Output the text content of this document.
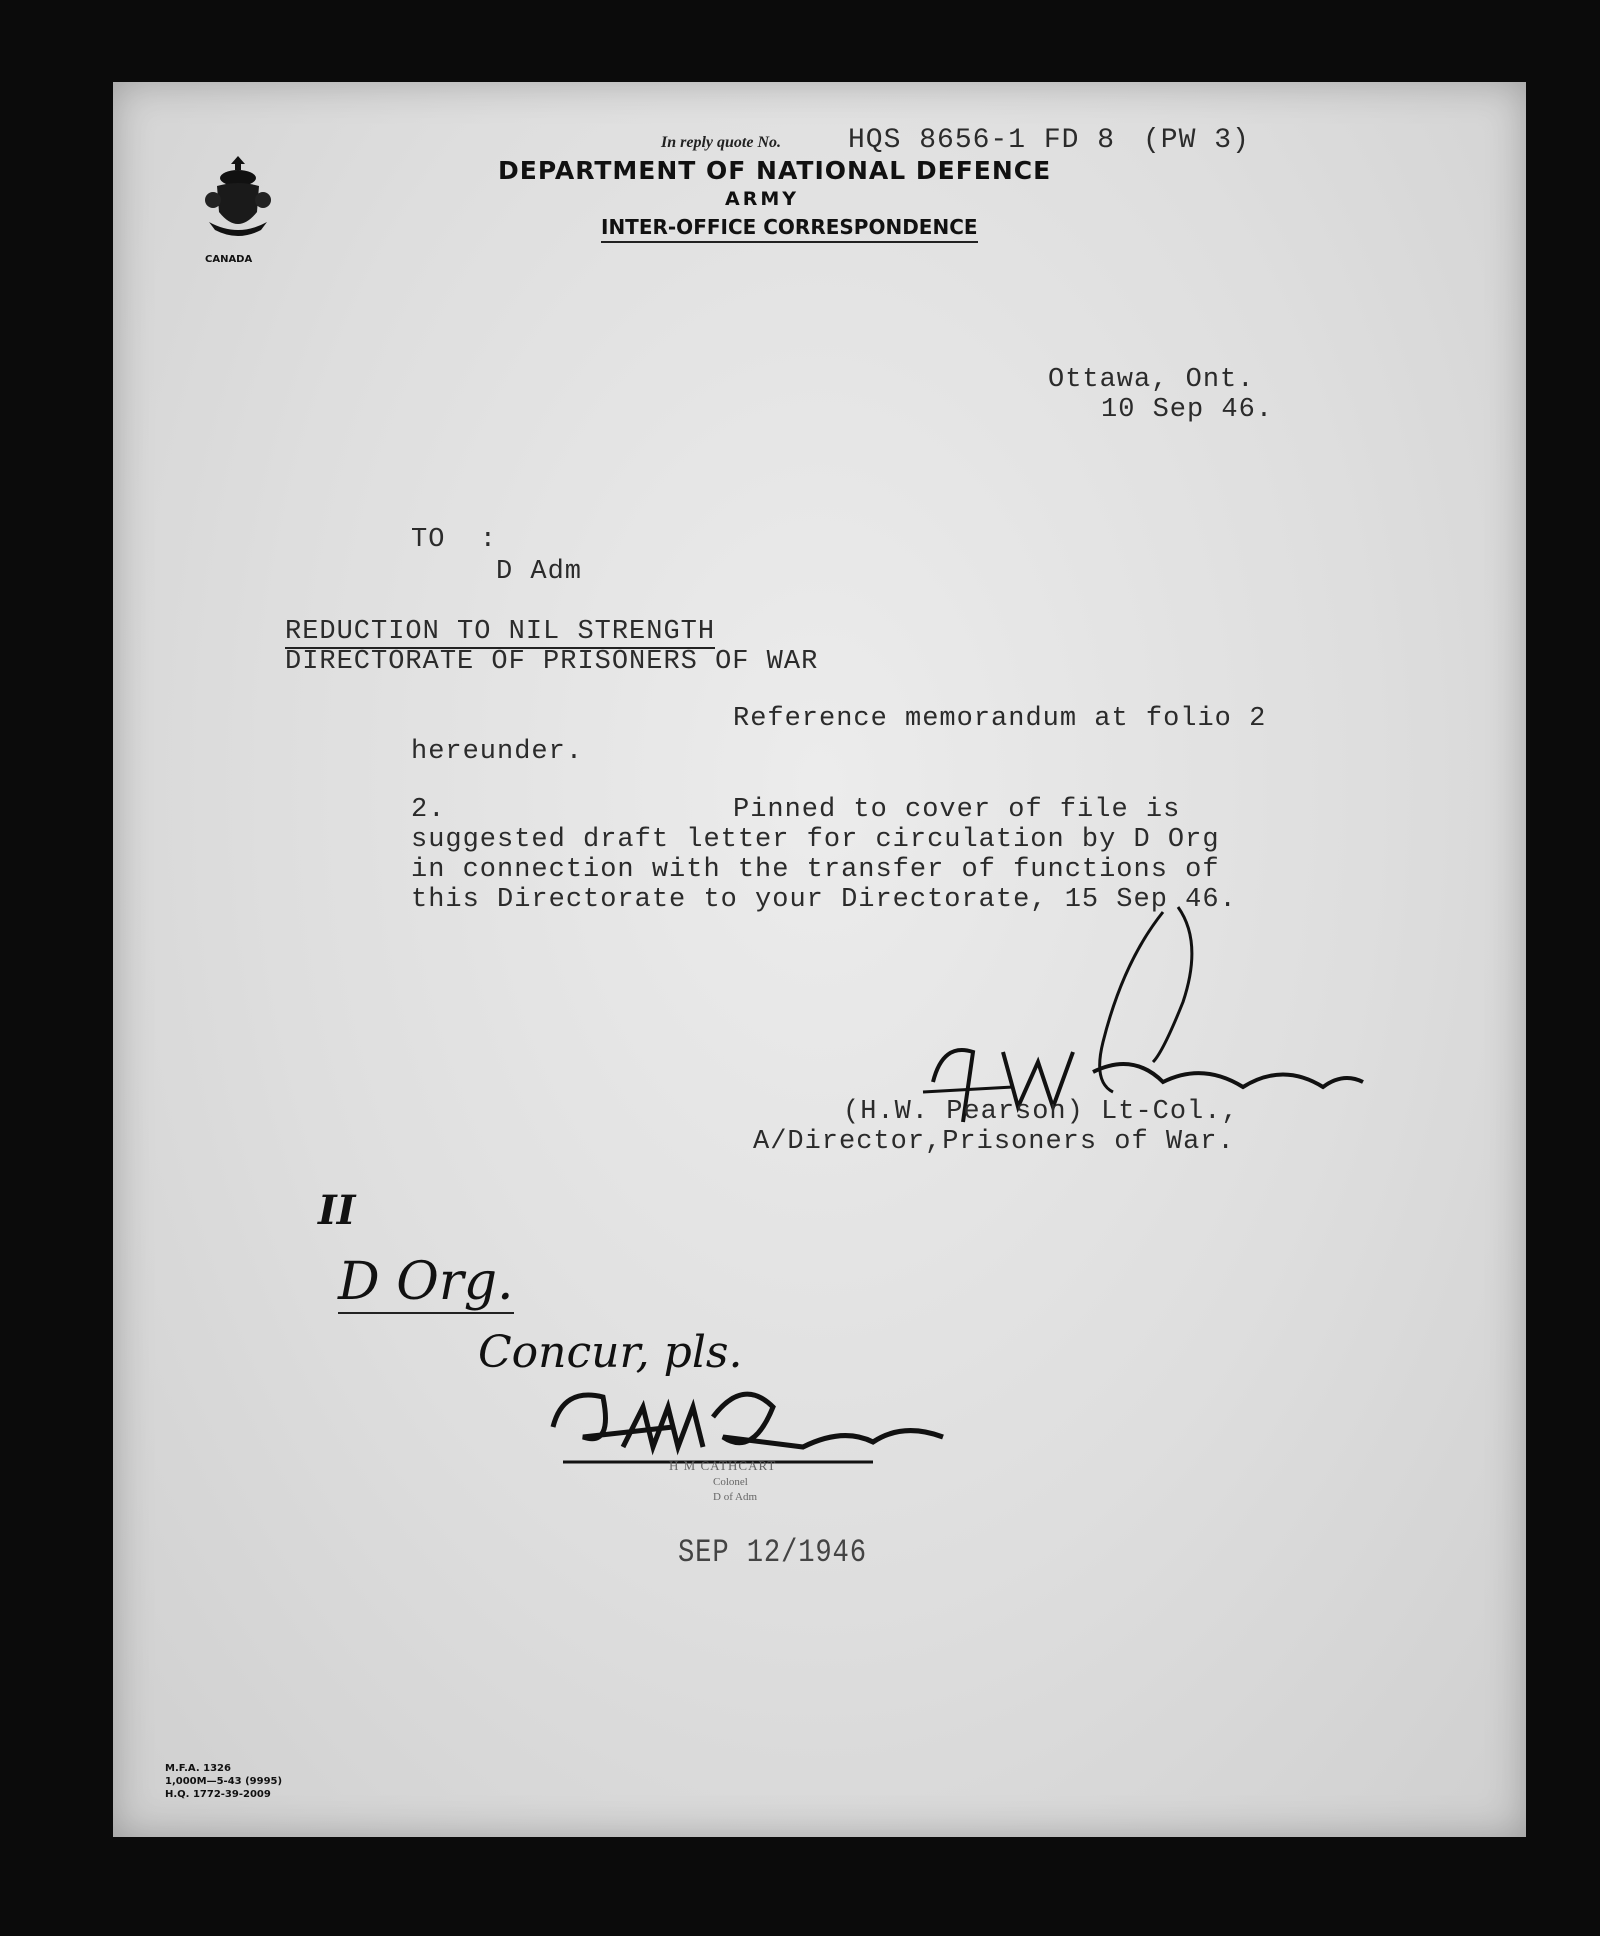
CANADA
In reply quote No. HQS 8656-1 FD 8 (PW 3)
DEPARTMENT OF NATIONAL DEFENCE
ARMY
INTER-OFFICE CORRESPONDENCE
Ottawa, Ont.
10 Sep 46.
TO  :
D Adm
REDUCTION TO NIL STRENGTH
DIRECTORATE OF PRISONERS OF WAR
Reference memorandum at folio 2
hereunder.
2.	Pinned to cover of file is
suggested draft letter for circulation by D Org
in connection with the transfer of functions of
this Directorate to your Directorate, 15 Sep 46.
(H.W. Pearson) Lt-Col.,
A/Director,Prisoners of War.
II
D Org.
Concur, pls.
H M CATHCART
Colonel
D of Adm
SEP 12/1946
M.F.A. 1326
1,000M—5-43 (9995)
H.Q. 1772-39-2009
